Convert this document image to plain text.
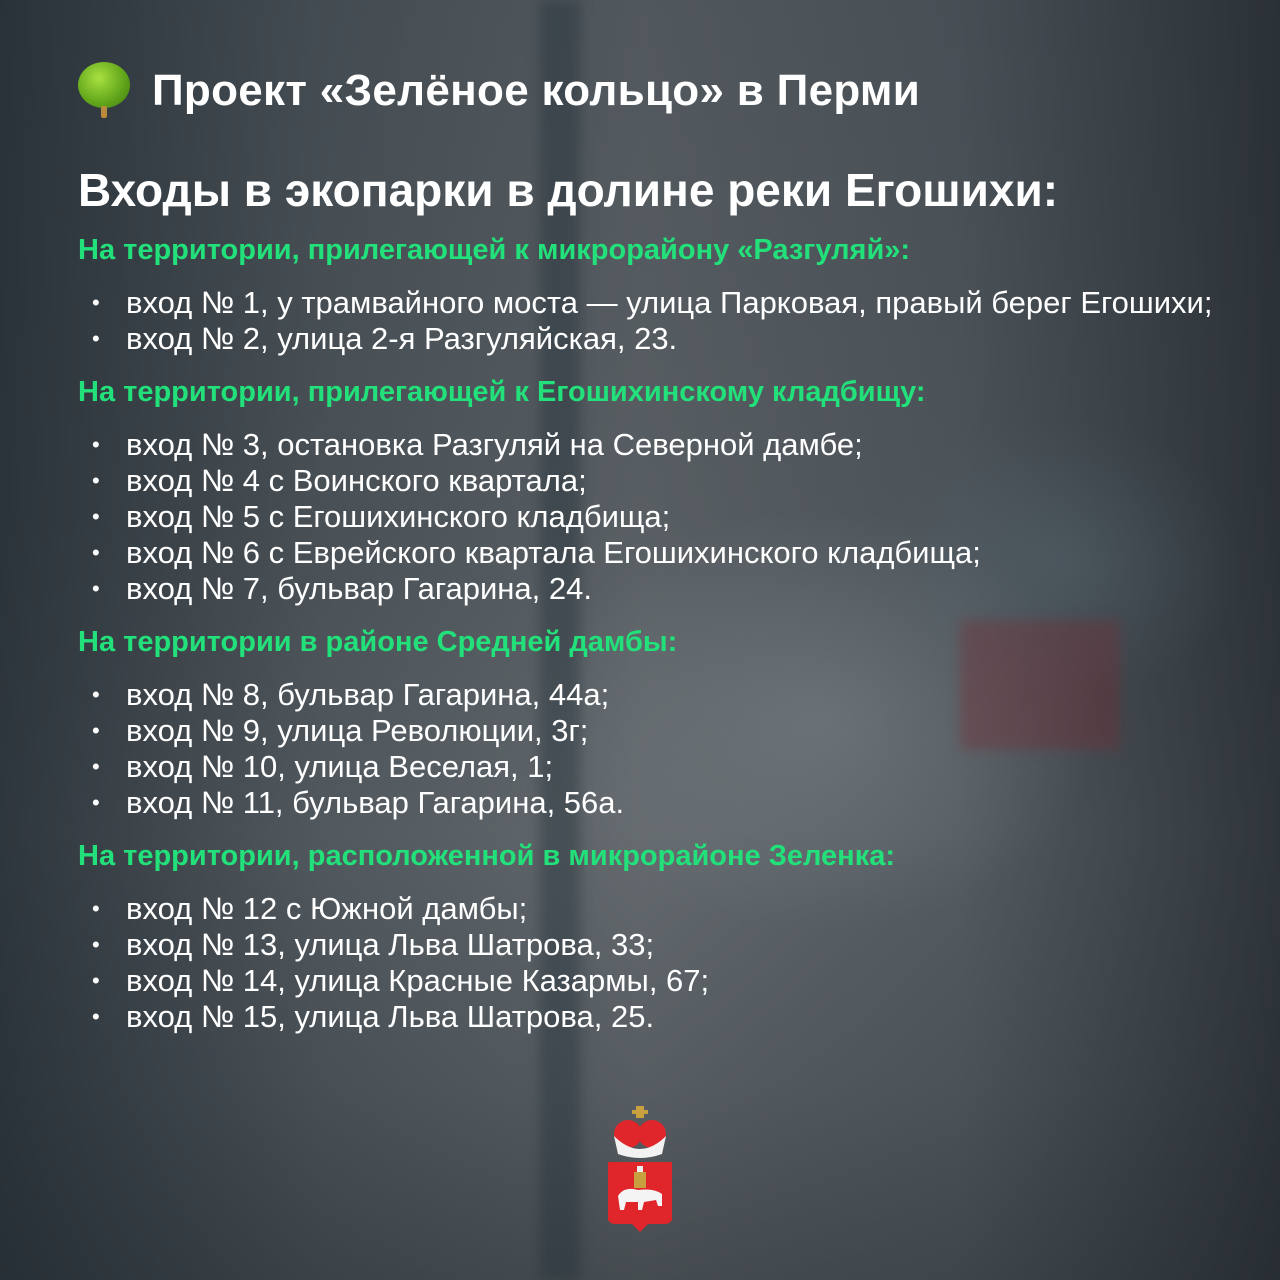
Проект «Зелёное кольцо» в Перми
Входы в экопарки в долине реки Егошихи:
На территории, прилегающей к микрорайону «Разгуляй»:
• вход № 1, у трамвайного моста — улица Парковая, правый берег Егошихи;
• вход № 2, улица 2-я Разгуляйская, 23.
На территории, прилегающей к Егошихинскому кладбищу:
• вход № 3, остановка Разгуляй на Северной дамбе;
• вход № 4 с Воинского квартала;
• вход № 5 с Егошихинского кладбища;
• вход № 6 с Еврейского квартала Егошихинского кладбища;
• вход № 7, бульвар Гагарина, 24.
На территории в районе Средней дамбы:
• вход № 8, бульвар Гагарина, 44а;
• вход № 9, улица Революции, 3г;
• вход № 10, улица Веселая, 1;
• вход № 11, бульвар Гагарина, 56а.
На территории, расположенной в микрорайоне Зеленка:
• вход № 12 с Южной дамбы;
• вход № 13, улица Льва Шатрова, 33;
• вход № 14, улица Красные Казармы, 67;
• вход № 15, улица Льва Шатрова, 25.
